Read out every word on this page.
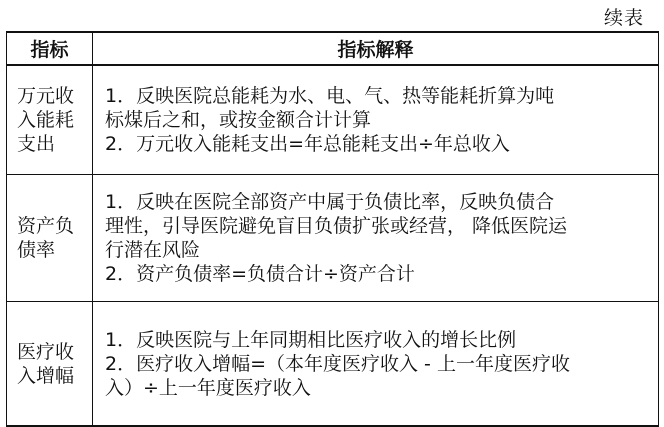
续表
指标	指标解释

万元收入能耗支出	1．反映医院总能耗为水、电、气、热等能耗折算为吨
标煤后之和，或按金额合计计算
2．万元收入能耗支出=年总能耗支出÷年总收入

资产负债率	1．反映在医院全部资产中属于负债比率，反映负债合
理性，引导医院避免盲目负债扩张或经营， 降低医院运
行潜在风险
2．资产负债率=负债合计÷资产合计

医疗收入增幅	1．反映医院与上年同期相比医疗收入的增长比例
2．医疗收入增幅=（本年度医疗收入 - 上一年度医疗收
入）÷上一年度医疗收入
